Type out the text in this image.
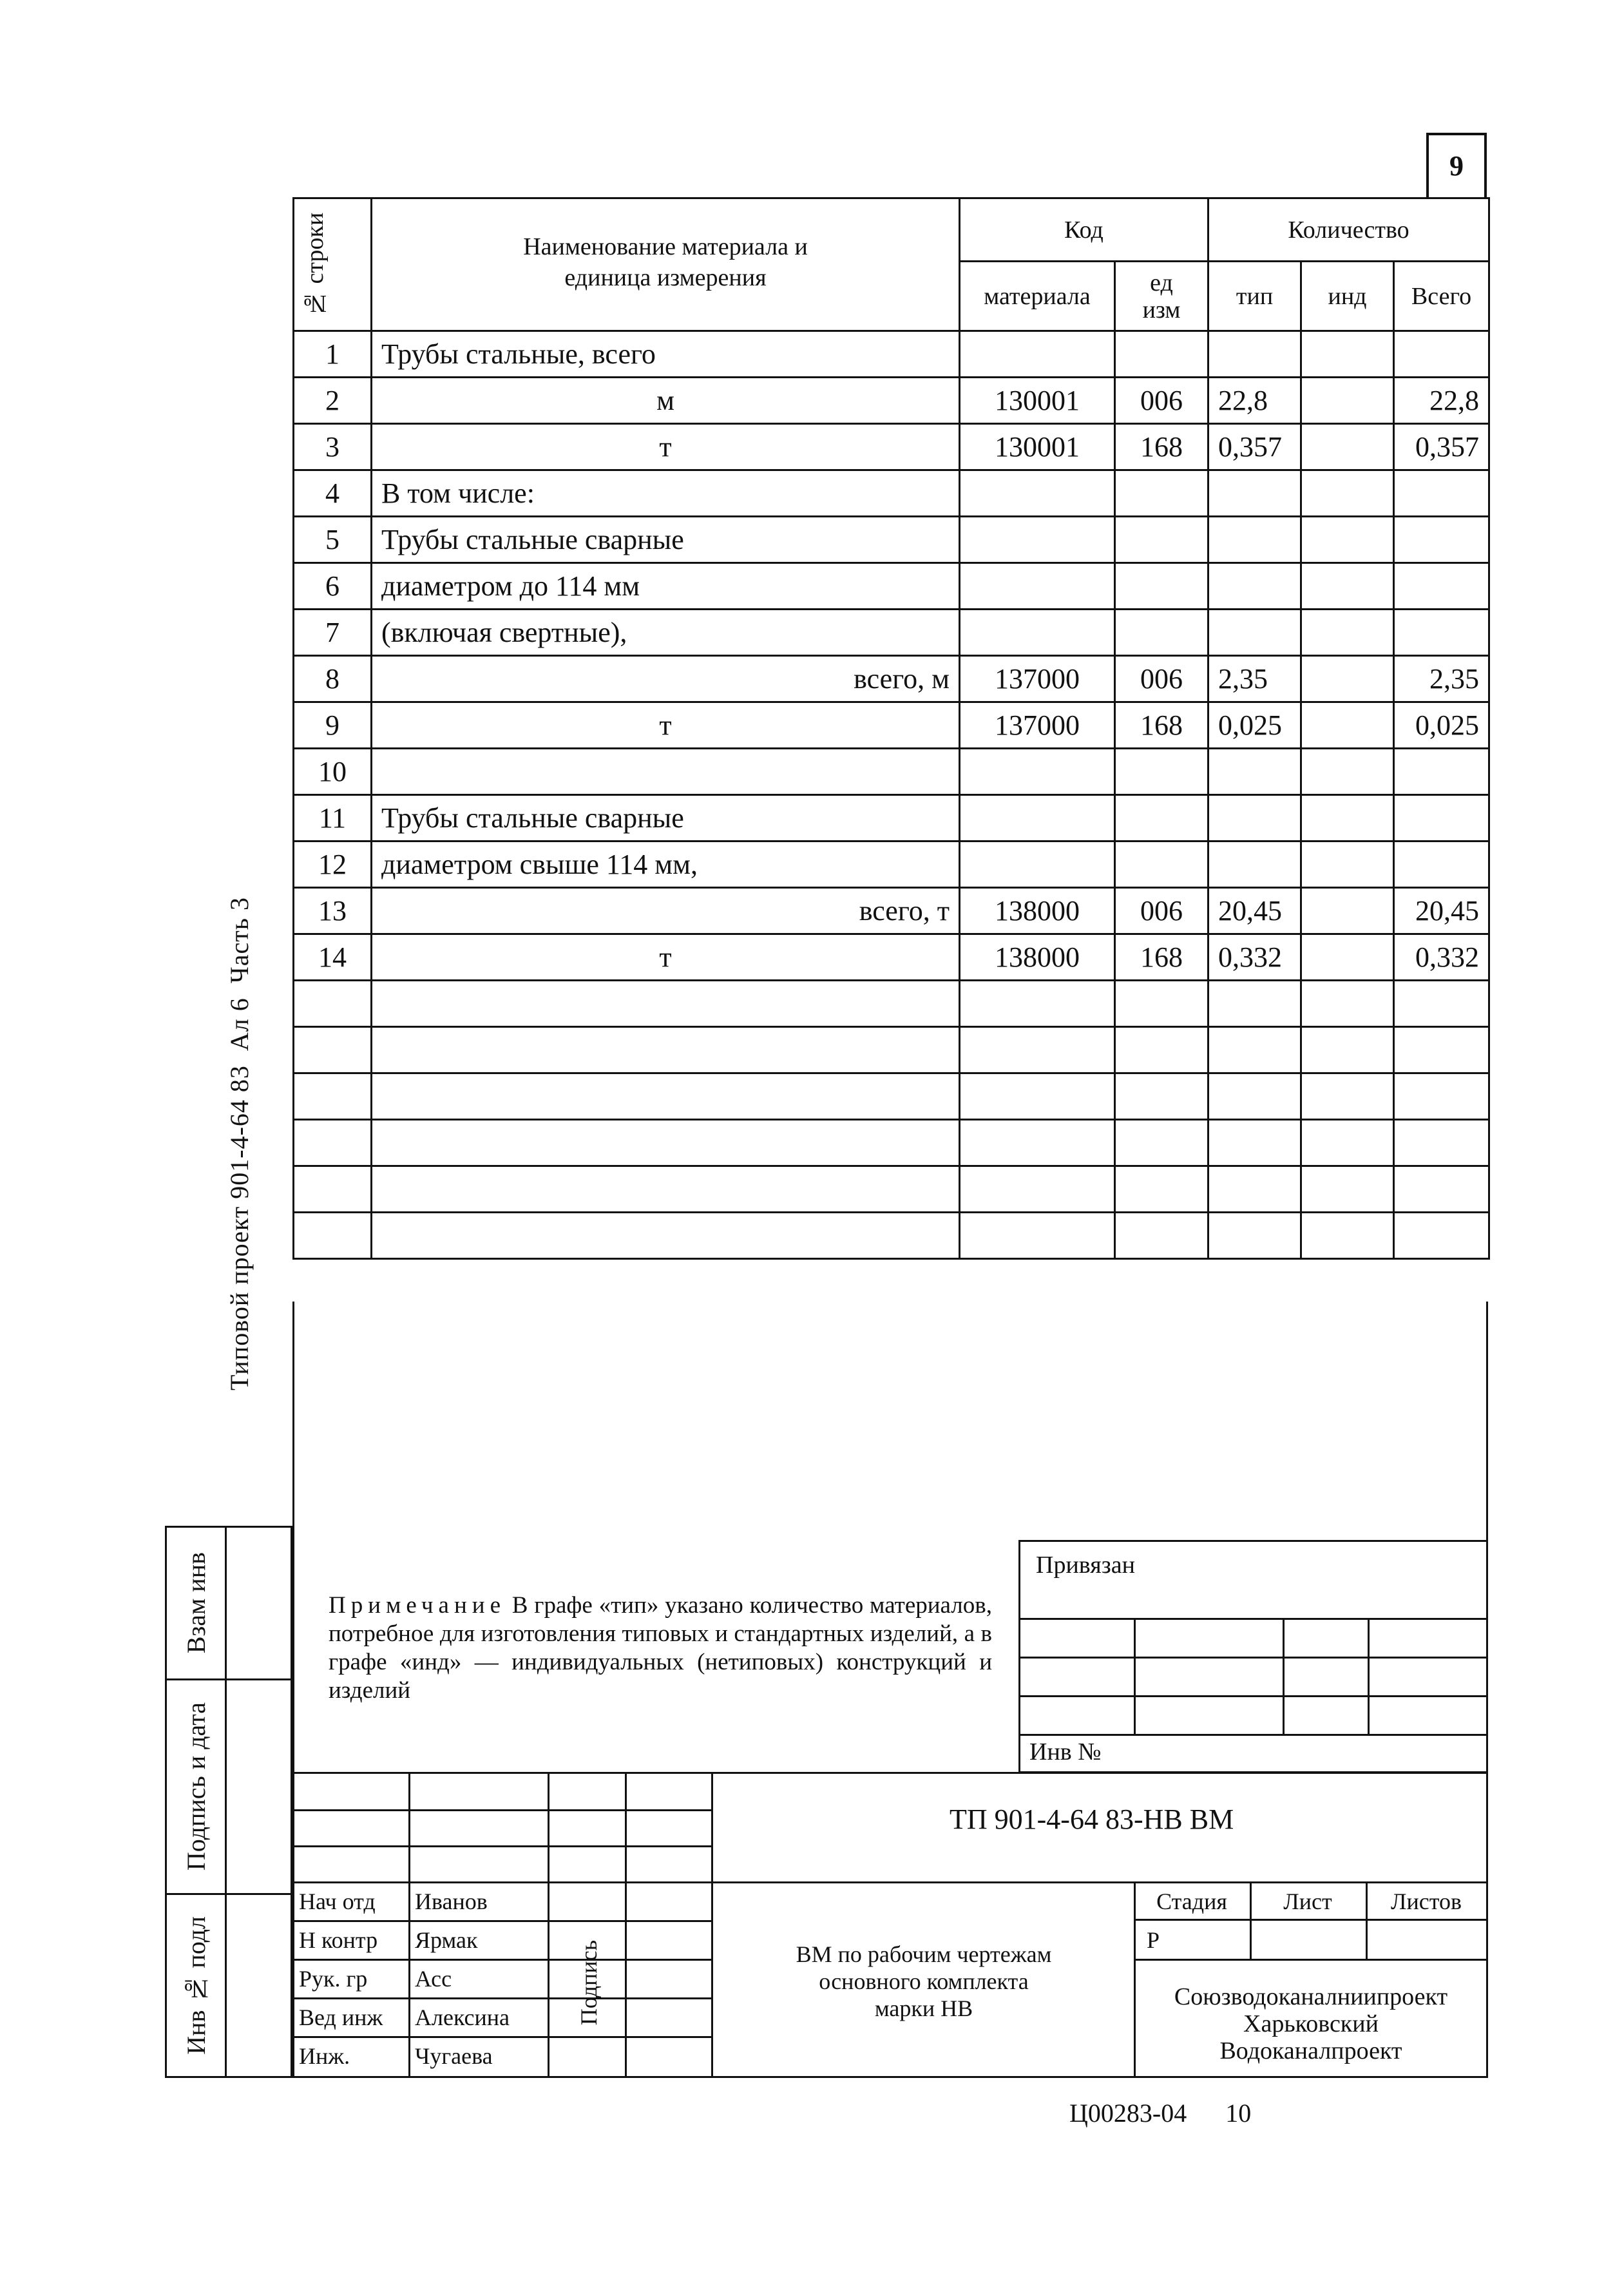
9
Типовой проект 901-4-64 83  Ал 6  Часть 3
№ строки	Наименование материала и единица измерения	Код		Количество		
		материала	ед изм	тип	инд	Всего
1	Трубы стальные, всего					
2	м	130001	006	22,8		22,8
3	т	130001	168	0,357		0,357
4	В том числе:					
5	Трубы стальные сварные					
6	диаметром до 114 мм					
7	(включая свертные),					
8	всего, м	137000	006	2,35		2,35
9	т	137000	168	0,025		0,025
10						
11	Трубы стальные сварные					
12	диаметром свыше 114 мм,					
13	всего, т	138000	006	20,45		20,45
14	т	138000	168	0,332		0,332

Примечание В графе «тип» указано количество материалов, потребное для изготовления типовых и стандартных изделий, а в графе «инд» — индивидуальных (нетиповых) конструкций и изделий
Привязан
Инв №
Взам инв
Подпись и дата
Инв № подл
ТП 901-4-64 83-НВ ВМ
Подпись
Нач отд Иванов
Н контр Ярмак
Рук. гр Асс
Вед инж Алексина
Инж.	Чугаева
ВМ по рабочим чертежам
основного комплекта
марки НВ
Стадия	Лист	Листов
Р
Союзводоканалниипроект
Харьковский
Водоканалпроект
Ц00283-04 10
